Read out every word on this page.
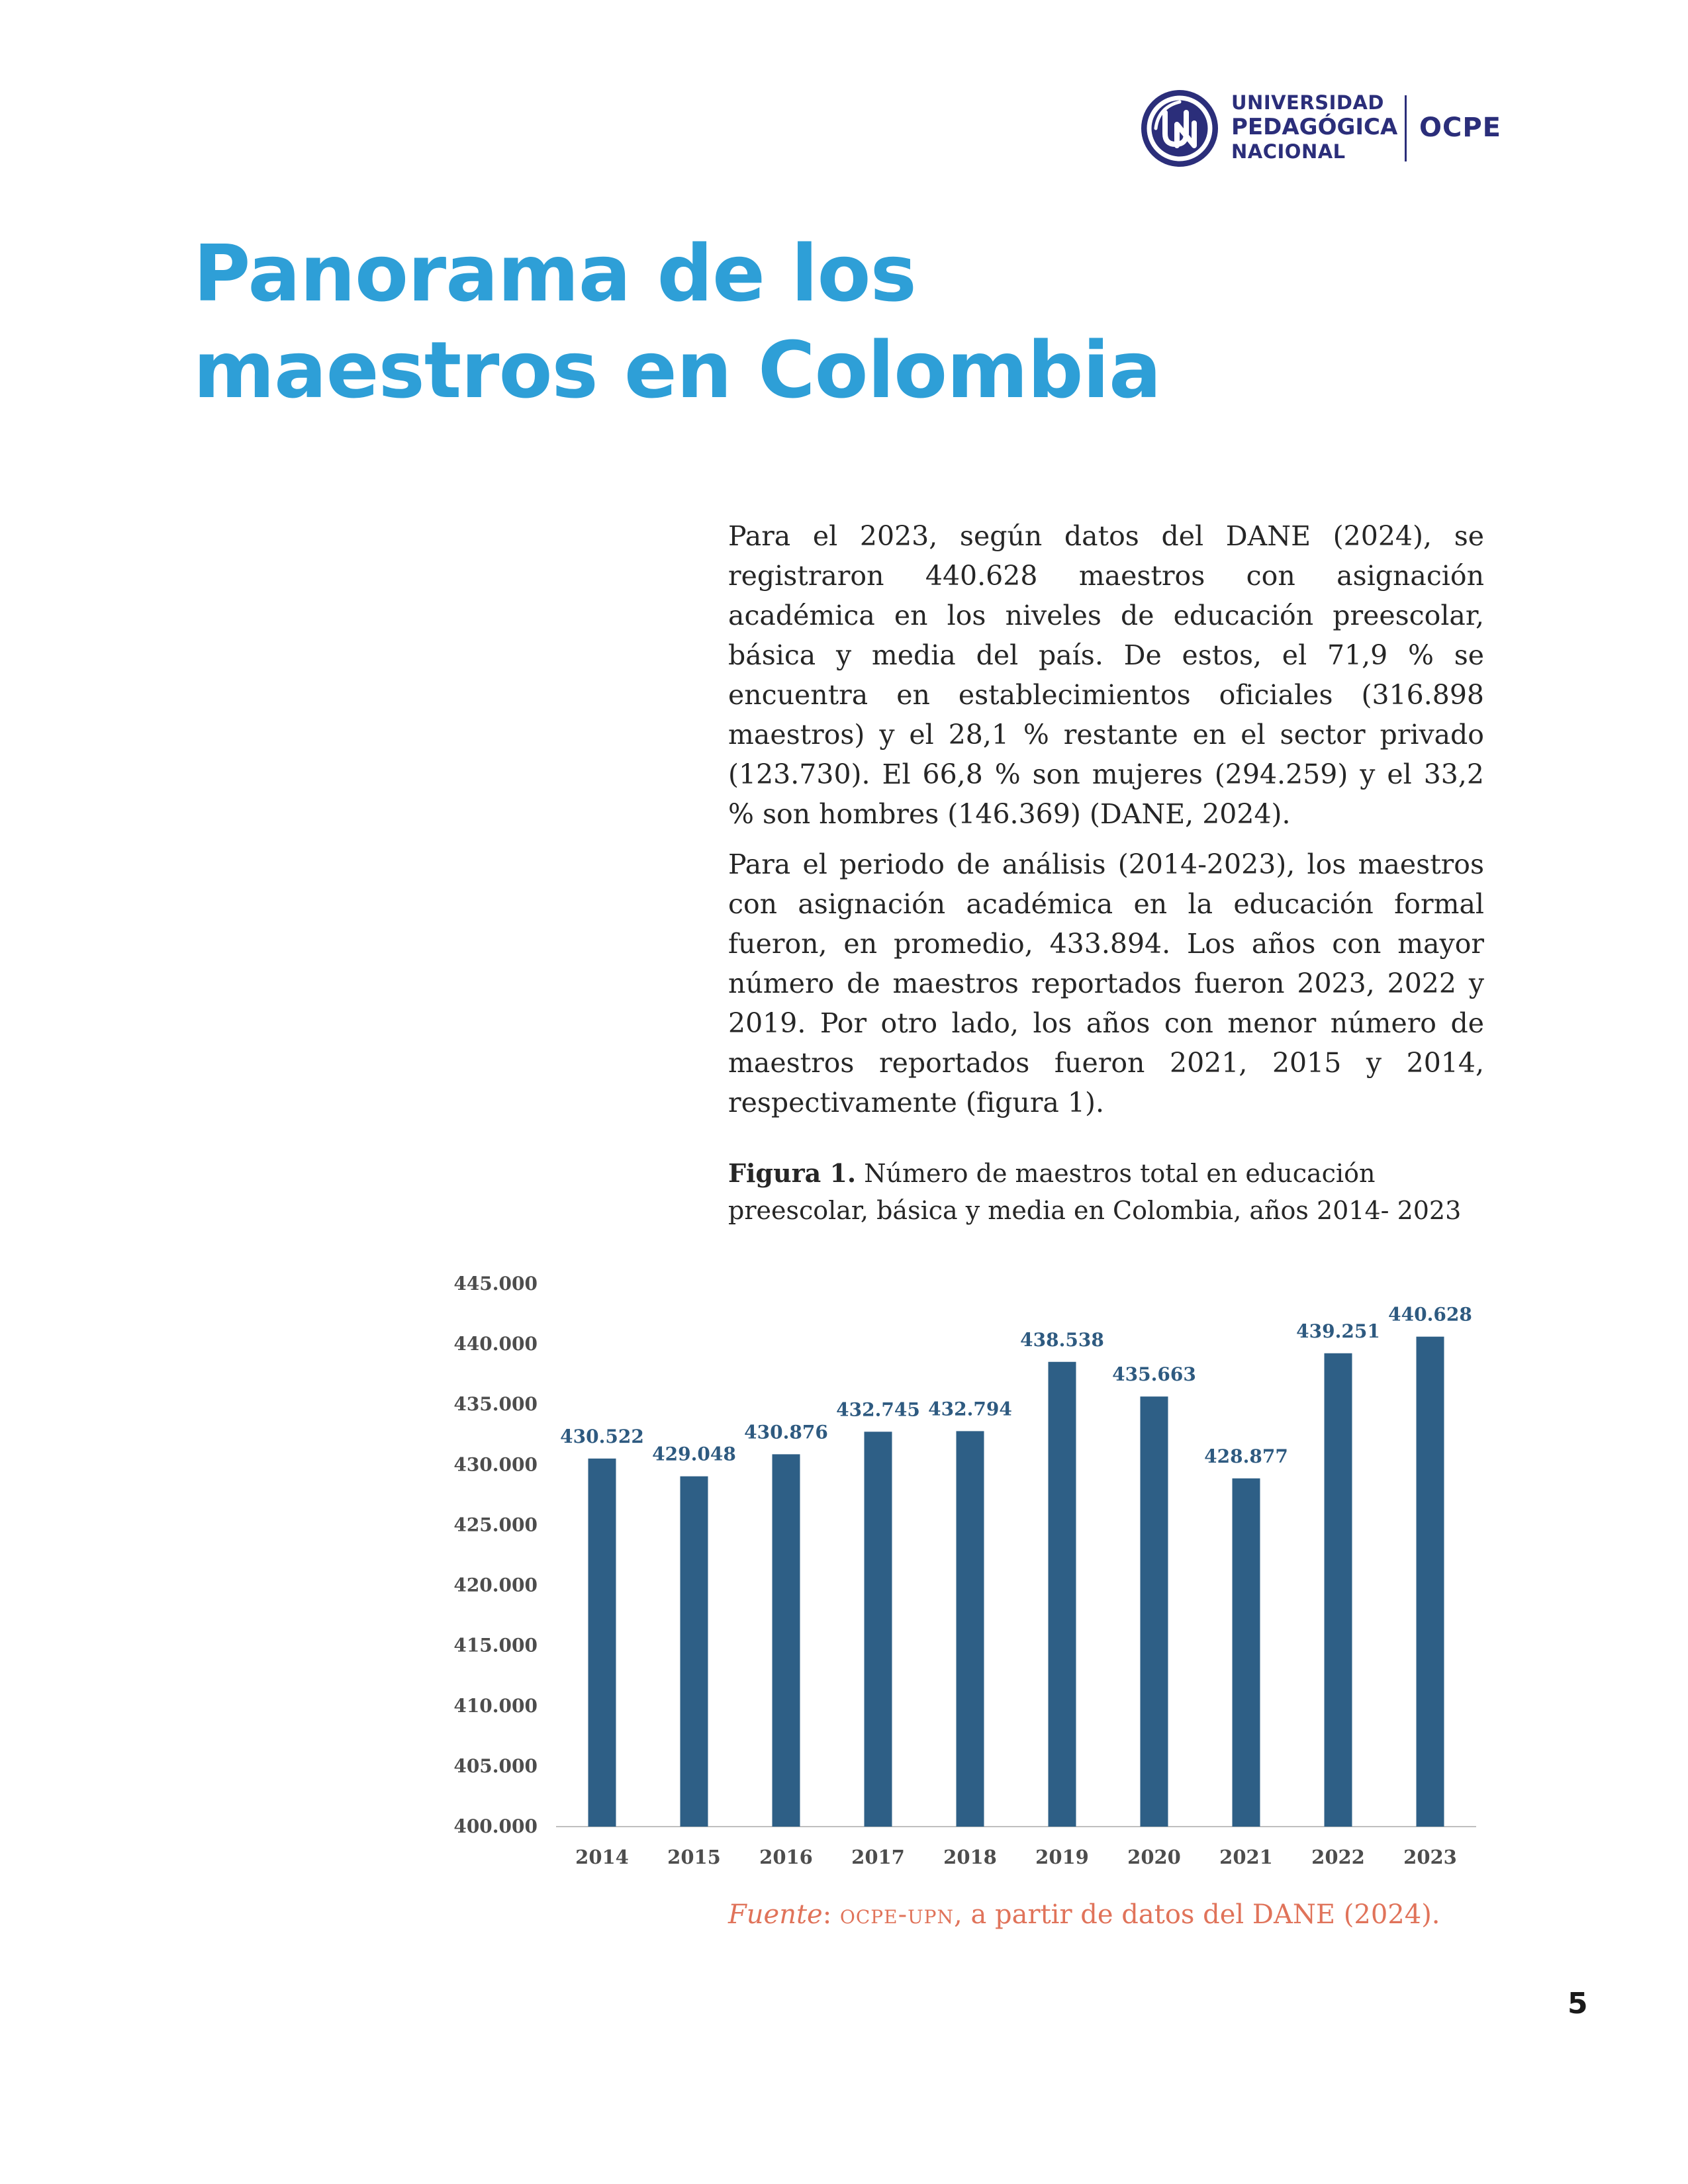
UNIVERSIDAD
PEDAGÓGICA
NACIONAL
OCPE
Panorama de los
maestros en Colombia

Para el 2023, según datos del DANE (2024), se registraron 440.628 maestros con asignación académica en los niveles de educación preescolar, básica y media del país. De estos, el 71,9 % se encuentra en establecimientos oficiales (316.898 maestros) y el 28,1 % restante en el sector privado (123.730). El 66,8 % son mujeres (294.259) y el 33,2 % son hombres (146.369) (DANE, 2024).

Para el periodo de análisis (2014-2023), los maestros con asignación académica en la educación formal fueron, en promedio, 433.894. Los años con mayor número de maestros reportados fueron 2023, 2022 y 2019. Por otro lado, los años con menor número de maestros reportados fueron 2021, 2015 y 2014, respectivamente (figura 1).

Figura 1. Número de maestros total en educación preescolar, básica y media en Colombia, años 2014- 2023
400.000
405.000
410.000
415.000
420.000
425.000
430.000
435.000
440.000
445.000
430.522
2014
429.048
2015
430.876
2016
432.745
2017
432.794
2018
438.538
2019
435.663
2020
428.877
2021
439.251
2022
440.628
2023
Fuente: ocpe-upn, a partir de datos del DANE (2024).
5
